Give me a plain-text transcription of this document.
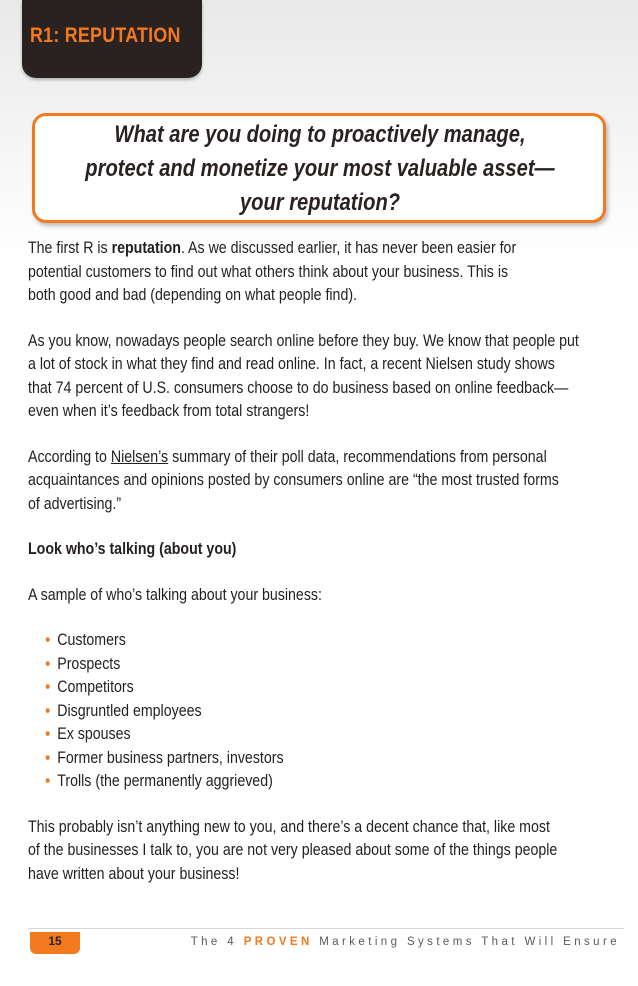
R1: REPUTATION
What are you doing to proactively manage,
protect and monetize your most valuable asset—
your reputation?

The first R is reputation. As we discussed earlier, it has never been easier for
potential customers to find out what others think about your business. This is
both good and bad (depending on what people find).

As you know, nowadays people search online before they buy. We know that people put
a lot of stock in what they find and read online. In fact, a recent Nielsen study shows
that 74 percent of U.S. consumers choose to do business based on online feedback—
even when it’s feedback from total strangers!

According to Nielsen’s summary of their poll data, recommendations from personal
acquaintances and opinions posted by consumers online are “the most trusted forms
of advertising.”

Look who’s talking (about you)

A sample of who’s talking about your business:

• Customers
• Prospects
• Competitors
• Disgruntled employees
• Ex spouses
• Former business partners, investors
• Trolls (the permanently aggrieved)

This probably isn’t anything new to you, and there’s a decent chance that, like most
of the businesses I talk to, you are not very pleased about some of the things people
have written about your business!

15	The 4 PROVEN Marketing Systems That Will Ensure
